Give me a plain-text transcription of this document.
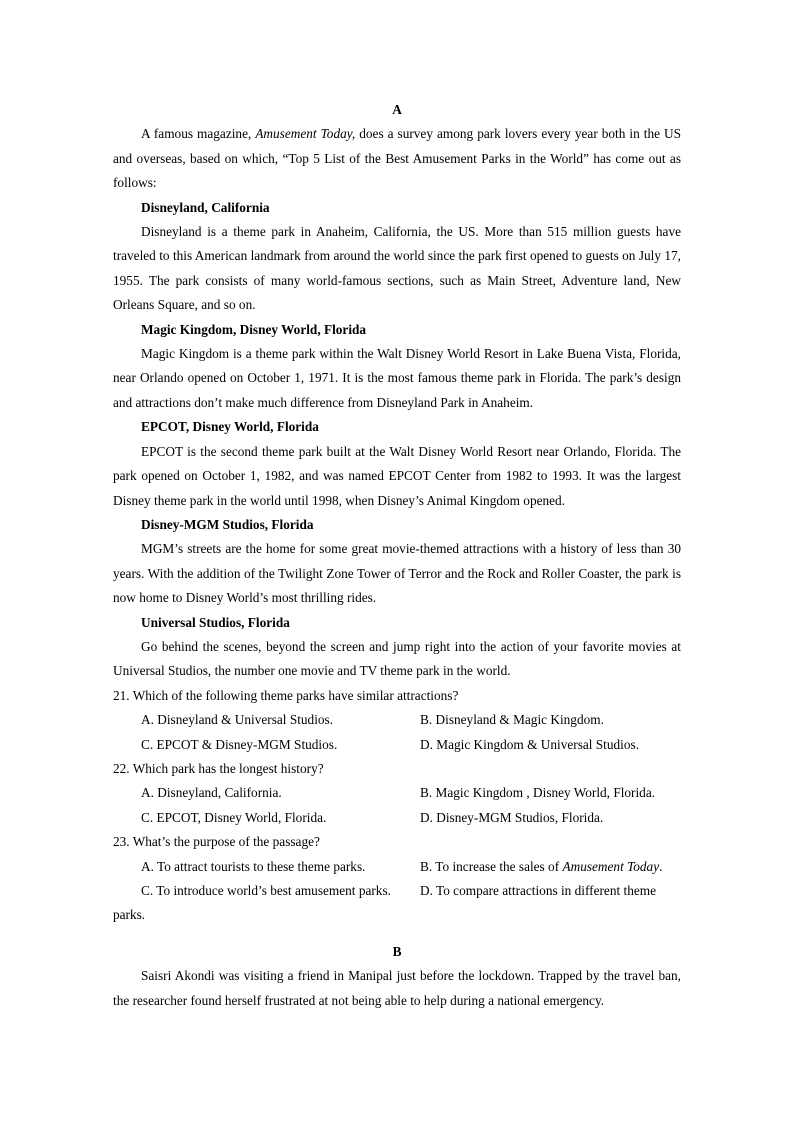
A

A famous magazine, Amusement Today, does a survey among park lovers every year both in the US and overseas, based on which, “Top 5 List of the Best Amusement Parks in the World” has come out as follows:

Disneyland, California

Disneyland is a theme park in Anaheim, California, the US. More than 515 million guests have traveled to this American landmark from around the world since the park first opened to guests on July 17, 1955. The park consists of many world-famous sections, such as Main Street, Adventure land, New Orleans Square, and so on.

Magic Kingdom, Disney World, Florida

Magic Kingdom is a theme park within the Walt Disney World Resort in Lake Buena Vista, Florida, near Orlando opened on October 1, 1971. It is the most famous theme park in Florida. The park’s design and attractions don’t make much difference from Disneyland Park in Anaheim.

EPCOT, Disney World, Florida

EPCOT is the second theme park built at the Walt Disney World Resort near Orlando, Florida. The park opened on October 1, 1982, and was named EPCOT Center from 1982 to 1993. It was the largest Disney theme park in the world until 1998, when Disney’s Animal Kingdom opened.

Disney-MGM Studios, Florida

MGM’s streets are the home for some great movie-themed attractions with a history of less than 30 years. With the addition of the Twilight Zone Tower of Terror and the Rock and Roller Coaster, the park is now home to Disney World’s most thrilling rides.

Universal Studios, Florida

Go behind the scenes, beyond the screen and jump right into the action of your favorite movies at Universal Studios, the number one movie and TV theme park in the world.

21. Which of the following theme parks have similar attractions?
A. Disneyland & Universal Studios.	B. Disneyland & Magic Kingdom.
C. EPCOT & Disney-MGM Studios.	D. Magic Kingdom & Universal Studios.
22. Which park has the longest history?
A. Disneyland, California.	B. Magic Kingdom , Disney World, Florida.
C. EPCOT, Disney World, Florida.	D. Disney-MGM Studios, Florida.
23. What’s the purpose of the passage?
A. To attract tourists to these theme parks.	B. To increase the sales of Amusement Today.
C. To introduce world’s best amusement parks.	D. To compare attractions in different theme
parks.
B

Saisri Akondi was visiting a friend in Manipal just before the lockdown. Trapped by the travel ban, the researcher found herself frustrated at not being able to help during a national emergency.
